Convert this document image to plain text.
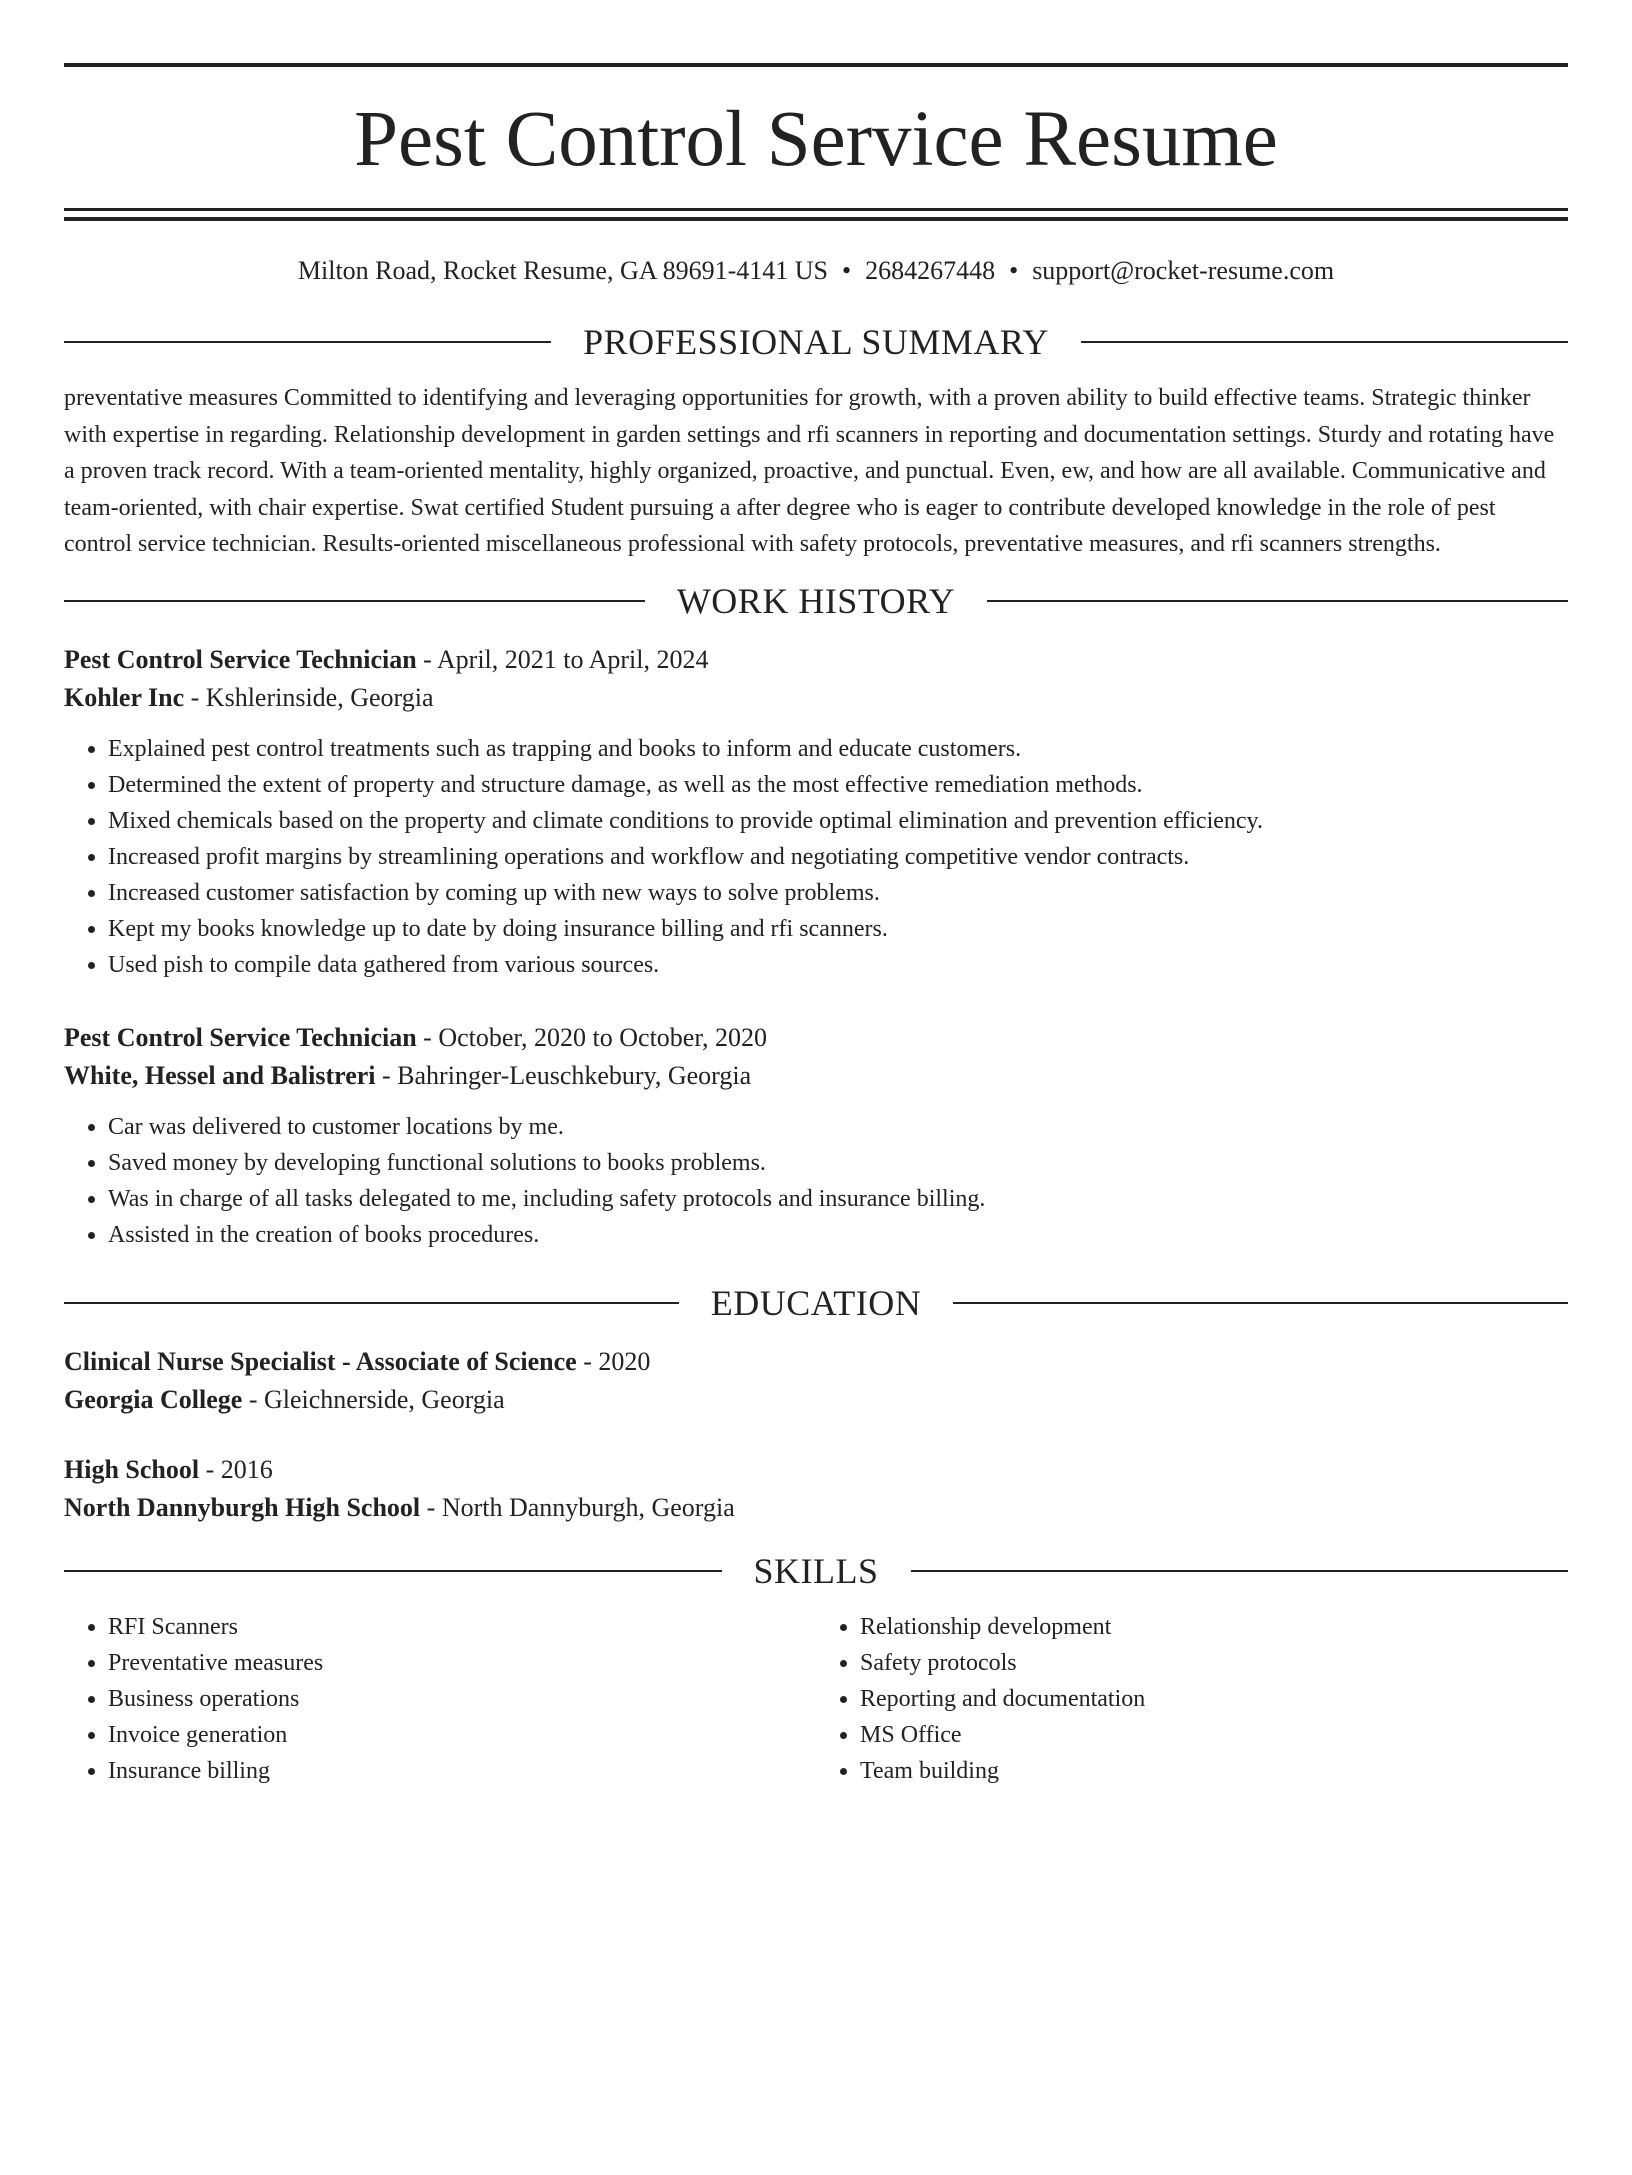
Pest Control Service Resume
Milton Road, Rocket Resume, GA 89691-4141 US • 2684267448 • support@rocket-resume.com
PROFESSIONAL SUMMARY

preventative measures Committed to identifying and leveraging opportunities for growth, with a proven ability to build effective teams. Strategic thinker with expertise in regarding. Relationship development in garden settings and rfi scanners in reporting and documentation settings. Sturdy and rotating have a proven track record. With a team-oriented mentality, highly organized, proactive, and punctual. Even, ew, and how are all available. Communicative and team-oriented, with chair expertise. Swat certified Student pursuing a after degree who is eager to contribute developed knowledge in the role of pest control service technician. Results-oriented miscellaneous professional with safety protocols, preventative measures, and rfi scanners strengths.

WORK HISTORY

Pest Control Service Technician - April, 2021 to April, 2024

Kohler Inc - Kshlerinside, Georgia

• Explained pest control treatments such as trapping and books to inform and educate customers.
• Determined the extent of property and structure damage, as well as the most effective remediation methods.
• Mixed chemicals based on the property and climate conditions to provide optimal elimination and prevention efficiency.
• Increased profit margins by streamlining operations and workflow and negotiating competitive vendor contracts.
• Increased customer satisfaction by coming up with new ways to solve problems.
• Kept my books knowledge up to date by doing insurance billing and rfi scanners.
• Used pish to compile data gathered from various sources.

Pest Control Service Technician - October, 2020 to October, 2020

White, Hessel and Balistreri - Bahringer-Leuschkebury, Georgia

• Car was delivered to customer locations by me.
• Saved money by developing functional solutions to books problems.
• Was in charge of all tasks delegated to me, including safety protocols and insurance billing.
• Assisted in the creation of books procedures.
EDUCATION

Clinical Nurse Specialist - Associate of Science - 2020

Georgia College - Gleichnerside, Georgia

High School - 2016

North Dannyburgh High School - North Dannyburgh, Georgia

SKILLS
• RFI Scanners
• Preventative measures
• Business operations
• Invoice generation
• Insurance billing
• Relationship development
• Safety protocols
• Reporting and documentation
• MS Office
• Team building
